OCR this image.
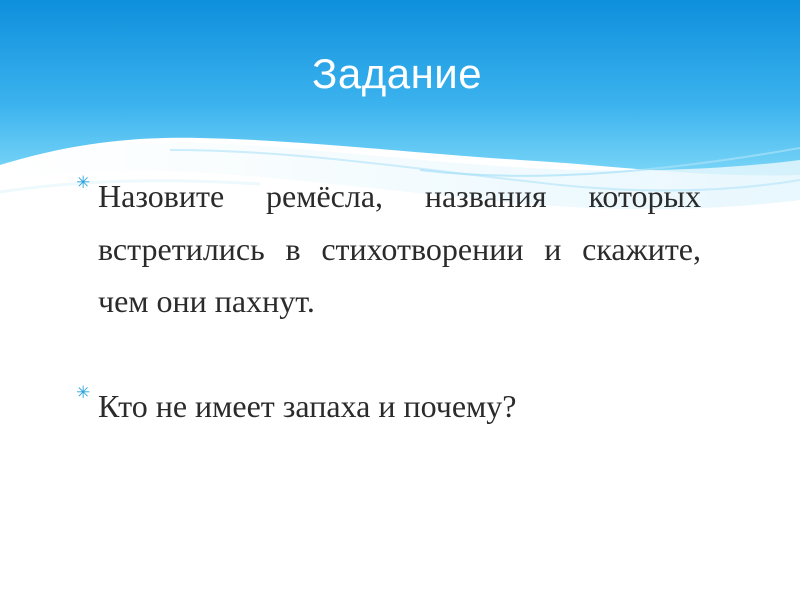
Задание
✳ Назовите ремёсла, названия которых встретились в стихотворении и скажите, чем они пахнут.
✳ Кто не имеет запаха и почему?
